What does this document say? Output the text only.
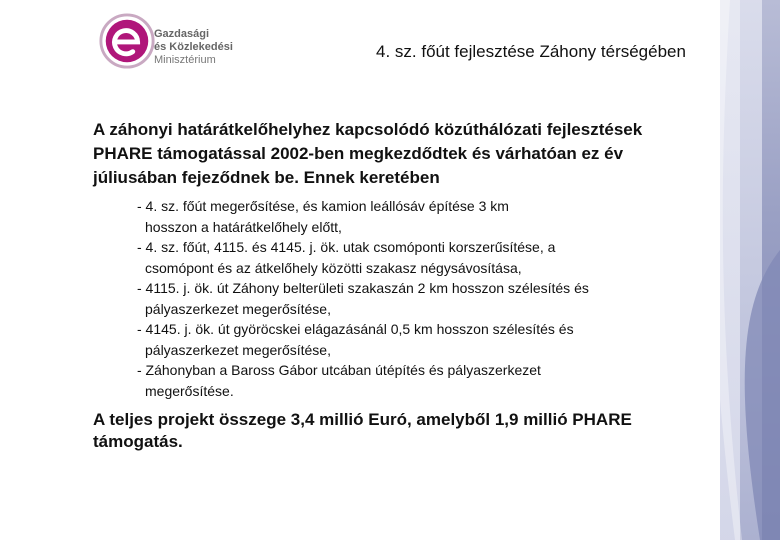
Gazdasági
és Közlekedési
Minisztérium	4. sz. főút fejlesztése Záhony térségében

A záhonyi határátkelőhelyhez kapcsolódó közúthálózati fejlesztések PHARE támogatással 2002-ben megkezdődtek és várhatóan ez év júliusában fejeződnek be. Ennek keretében

- 4. sz. főút megerősítése, és kamion leállósáv építése 3 km
hosszon a határátkelőhely előtt,
- 4. sz. főút, 4115. és 4145. j. ök. utak csomóponti korszerűsítése, a
csomópont és az átkelőhely közötti szakasz négysávosítása,
- 4115. j. ök. út Záhony belterületi szakaszán 2 km hosszon szélesítés és
pályaszerkezet megerősítése,
- 4145. j. ök. út györöcskei elágazásánál 0,5 km hosszon szélesítés és
pályaszerkezet megerősítése,
- Záhonyban a Baross Gábor utcában útépítés és pályaszerkezet
megerősítése.

A teljes projekt összege 3,4 millió Euró, amelyből 1,9 millió PHARE támogatás.
